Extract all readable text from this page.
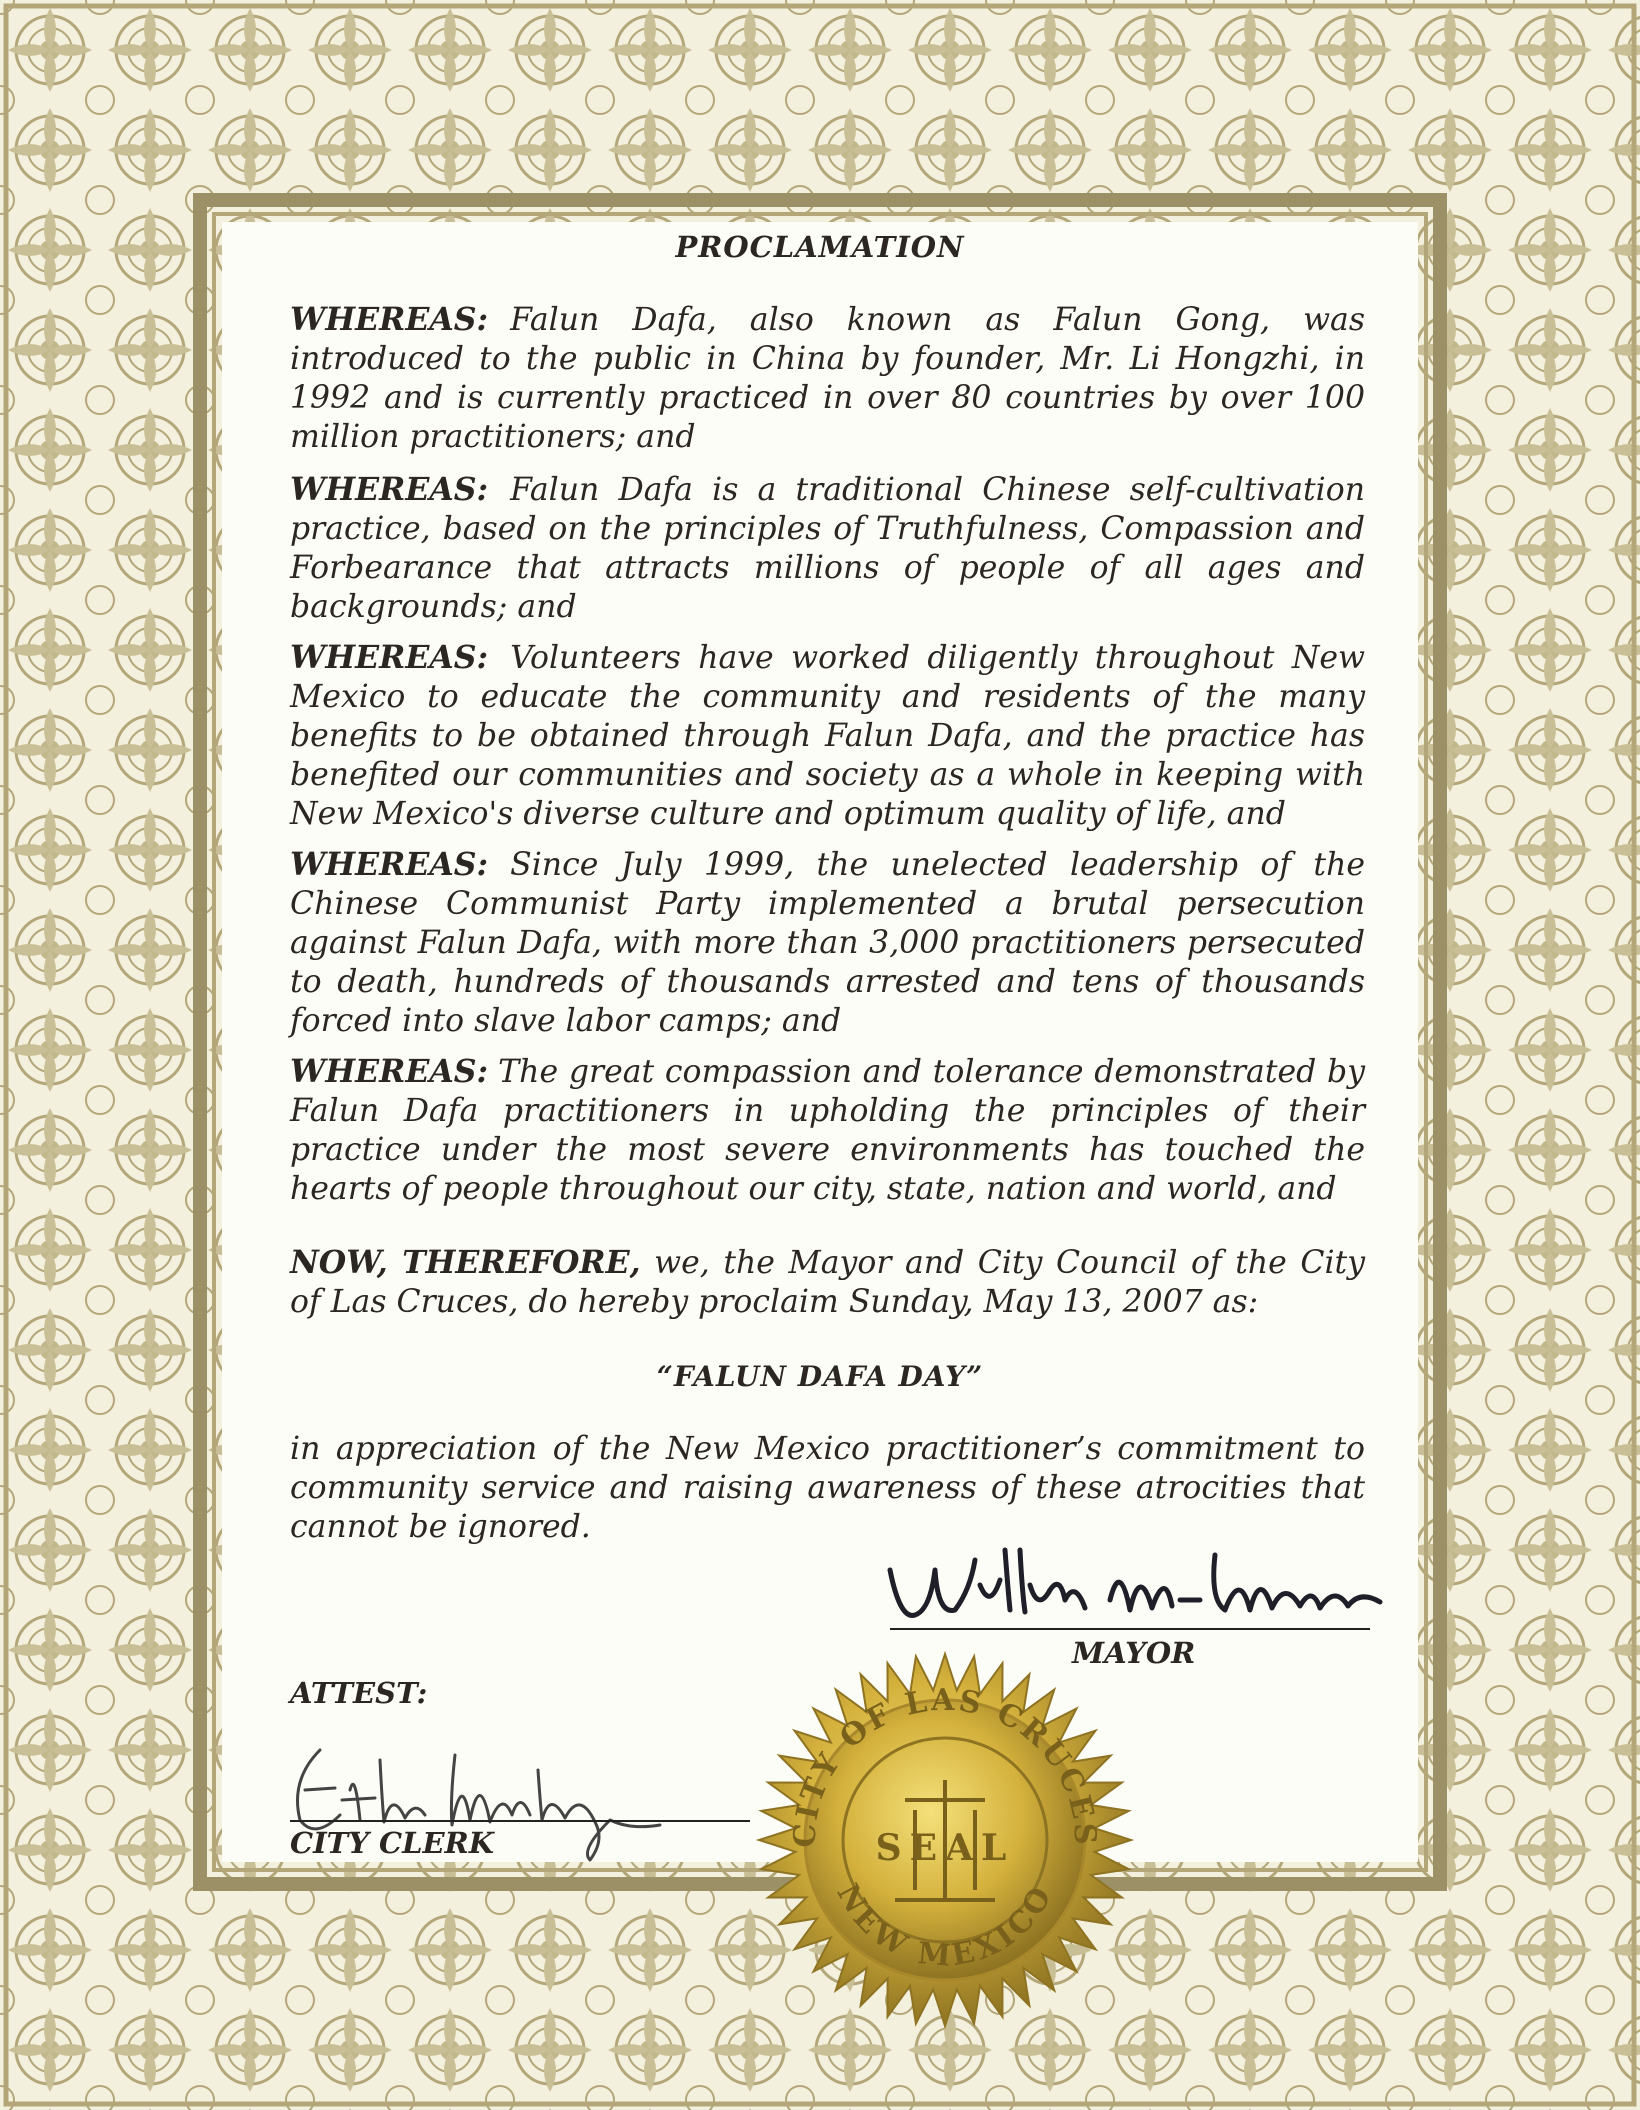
PROCLAMATION
WHEREAS: Falun Dafa, also known as Falun Gong, was introduced to the public in China by founder, Mr. Li Hongzhi, in 1992 and is currently practiced in over 80 countries by over 100 million practitioners; and
WHEREAS: Falun Dafa is a traditional Chinese self-cultivation practice, based on the principles of Truthfulness, Compassion and Forbearance that attracts millions of people of all ages and backgrounds; and
WHEREAS: Volunteers have worked diligently throughout New Mexico to educate the community and residents of the many benefits to be obtained through Falun Dafa, and the practice has benefited our communities and society as a whole in keeping with New Mexico's diverse culture and optimum quality of life, and
WHEREAS: Since July 1999, the unelected leadership of the Chinese Communist Party implemented a brutal persecution against Falun Dafa, with more than 3,000 practitioners persecuted to death, hundreds of thousands arrested and tens of thousands forced into slave labor camps; and
WHEREAS: The great compassion and tolerance demonstrated by Falun Dafa practitioners in upholding the principles of their practice under the most severe environments has touched the hearts of people throughout our city, state, nation and world, and
NOW, THEREFORE, we, the Mayor and City Council of the City of Las Cruces, do hereby proclaim Sunday, May 13, 2007 as:
“FALUN DAFA DAY”
in appreciation of the New Mexico practitioner’s commitment to community service and raising awareness of these atrocities that cannot be ignored.
MAYOR
ATTEST:
CITY CLERK	CITY OF LAS CRUCES
NEW MEXICO
SEAL
